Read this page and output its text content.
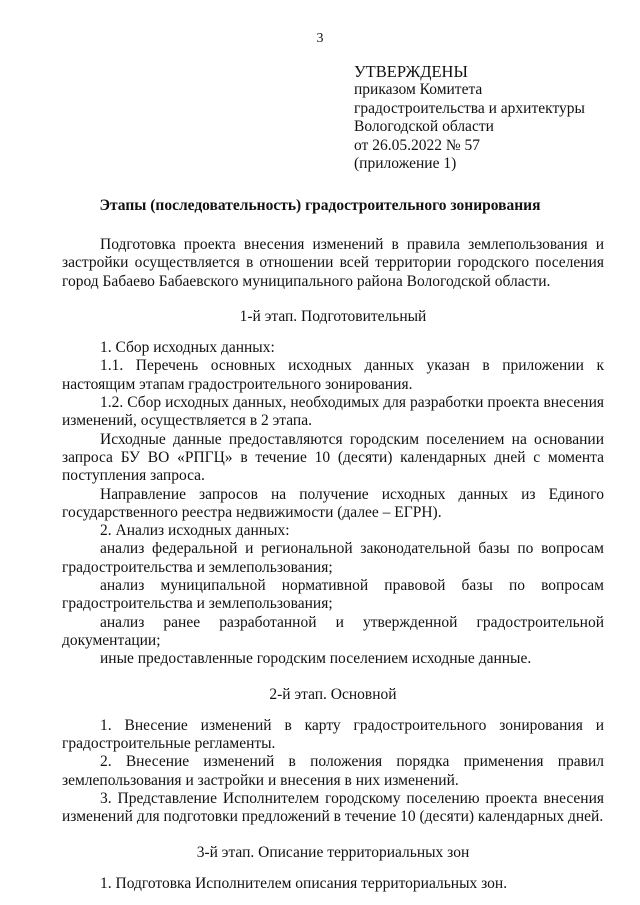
3
УТВЕРЖДЕНЫ
приказом Комитета
градостроительства и архитектуры
Вологодской области
от 26.05.2022 № 57
(приложение 1)
Этапы (последовательность) градостроительного зонирования

Подготовка проекта внесения изменений в правила землепользования и застройки осуществляется в отношении всей территории городского поселения город Бабаево Бабаевского муниципального района Вологодской области.

1-й этап. Подготовительный

1. Сбор исходных данных:

1.1. Перечень основных исходных данных указан в приложении к настоящим этапам градостроительного зонирования.

1.2. Сбор исходных данных, необходимых для разработки проекта внесения изменений, осуществляется в 2 этапа.

Исходные данные предоставляются городским поселением на основании запроса БУ ВО «РПГЦ» в течение 10 (десяти) календарных дней с момента поступления запроса.

Направление запросов на получение исходных данных из Единого государственного реестра недвижимости (далее – ЕГРН).

2. Анализ исходных данных:

анализ федеральной и региональной законодательной базы по вопросам градостроительства и землепользования;

анализ муниципальной нормативной правовой базы по вопросам градостроительства и землепользования;

анализ ранее разработанной и утвержденной градостроительной документации;

иные предоставленные городским поселением исходные данные.

2-й этап. Основной

1. Внесение изменений в карту градостроительного зонирования и градостроительные регламенты.

2. Внесение изменений в положения порядка применения правил землепользования и застройки и внесения в них изменений.

3. Представление Исполнителем городскому поселению проекта внесения изменений для подготовки предложений в течение 10 (десяти) календарных дней.

3-й этап. Описание территориальных зон

1. Подготовка Исполнителем описания территориальных зон.
